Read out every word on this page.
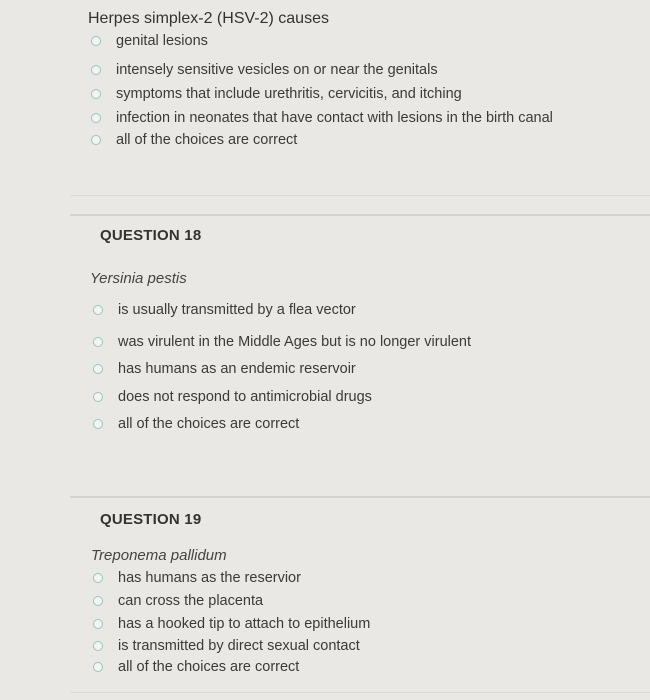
Herpes simplex-2 (HSV-2) causes
genital lesions
intensely sensitive vesicles on or near the genitals
symptoms that include urethritis, cervicitis, and itching
infection in neonates that have contact with lesions in the birth canal
all of the choices are correct
QUESTION 18
Yersinia pestis
is usually transmitted by a flea vector
was virulent in the Middle Ages but is no longer virulent
has humans as an endemic reservoir
does not respond to antimicrobial drugs
all of the choices are correct
QUESTION 19
Treponema pallidum
has humans as the reservior
can cross the placenta
has a hooked tip to attach to epithelium
is transmitted by direct sexual contact
all of the choices are correct
